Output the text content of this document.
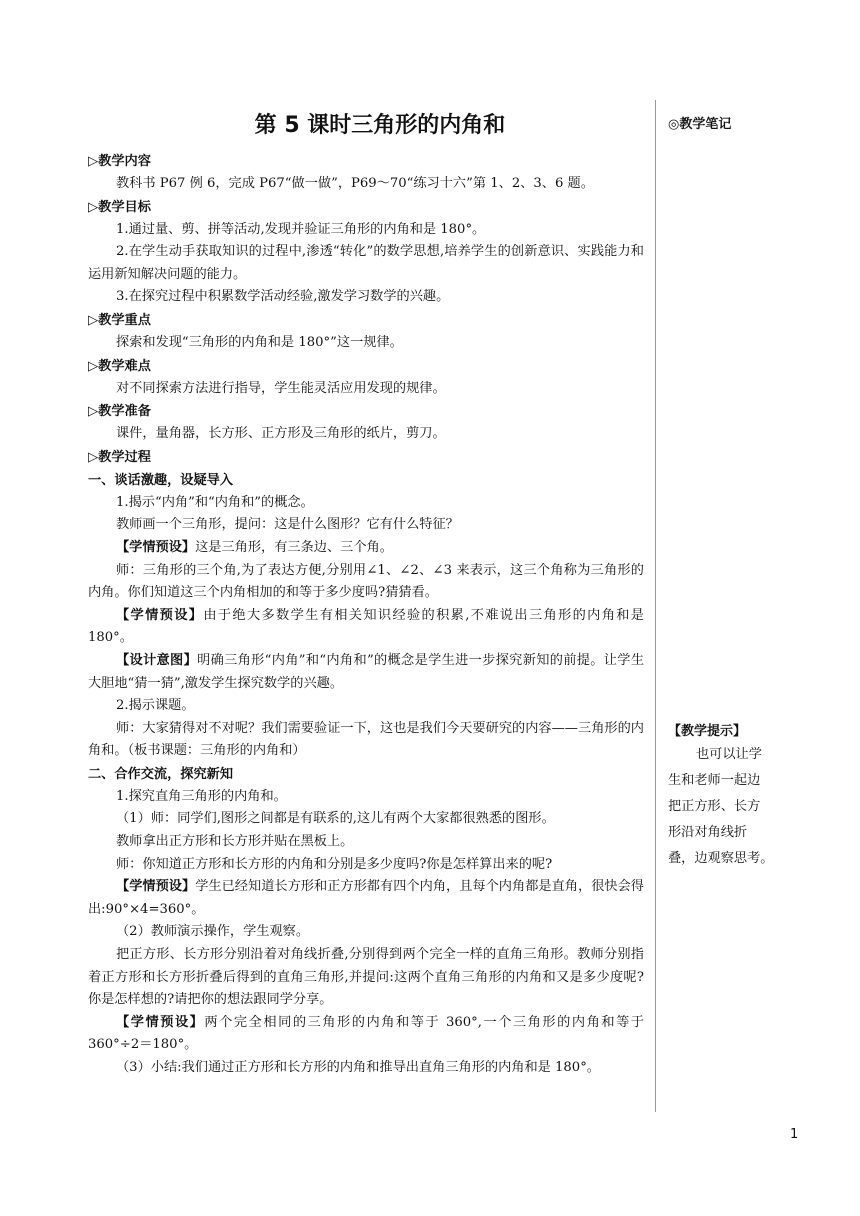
◎教学笔记
【教学提示】
也可以让学
生和老师一起边
把正方形、长方
形沿对角线折
叠，边观察思考。
第 5 课时三角形的内角和

▷教学内容

教科书 P67 例 6，完成 P67“做一做”，P69～70“练习十六”第 1、2、3、6 题。

▷教学目标

1.通过量、剪、拼等活动,发现并验证三角形的内角和是 180°。

2.在学生动手获取知识的过程中,渗透“转化”的数学思想,培养学生的创新意识、实践能力和运用新知解决问题的能力。

3.在探究过程中积累数学活动经验,激发学习数学的兴趣。

▷教学重点

探索和发现“三角形的内角和是 180°”这一规律。

▷教学难点

对不同探索方法进行指导，学生能灵活应用发现的规律。

▷教学准备

课件，量角器，长方形、正方形及三角形的纸片，剪刀。

▷教学过程

一、谈话激趣，设疑导入

1.揭示“内角”和“内角和”的概念。

教师画一个三角形，提问：这是什么图形？它有什么特征？

【学情预设】这是三角形，有三条边、三个角。

师：三角形的三个角,为了表达方便,分别用∠1、∠2、∠3 来表示，这三个角称为三角形的内角。你们知道这三个内角相加的和等于多少度吗?猜猜看。

【学情预设】由于绝大多数学生有相关知识经验的积累,不难说出三角形的内角和是 180°。

【设计意图】明确三角形“内角”和“内角和”的概念是学生进一步探究新知的前提。让学生大胆地“猜一猜”,激发学生探究数学的兴趣。

2.揭示课题。

师：大家猜得对不对呢？我们需要验证一下，这也是我们今天要研究的内容——三角形的内角和。（板书课题：三角形的内角和）

二、合作交流，探究新知

1.探究直角三角形的内角和。

（1）师：同学们,图形之间都是有联系的,这儿有两个大家都很熟悉的图形。

教师拿出正方形和长方形并贴在黑板上。

师：你知道正方形和长方形的内角和分别是多少度吗?你是怎样算出来的呢?

【学情预设】学生已经知道长方形和正方形都有四个内角，且每个内角都是直角，很快会得出:90°×4=360°。

（2）教师演示操作，学生观察。

把正方形、长方形分别沿着对角线折叠,分别得到两个完全一样的直角三角形。教师分别指着正方形和长方形折叠后得到的直角三角形,并提问:这两个直角三角形的内角和又是多少度呢?你是怎样想的?请把你的想法跟同学分享。

【学情预设】两个完全相同的三角形的内角和等于 360°,一个三角形的内角和等于 360°÷2＝180°。

（3）小结:我们通过正方形和长方形的内角和推导出直角三角形的内角和是 180°。

1
